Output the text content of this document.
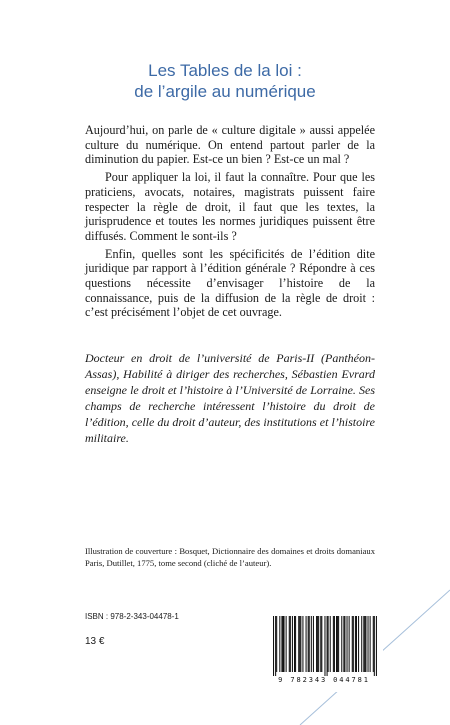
Les Tables de la loi :
de l’argile au numérique

Aujourd’hui, on parle de « culture digitale » aussi appelée culture du numérique. On entend partout parler de la diminution du papier. Est-ce un bien ? Est-ce un mal ?

Pour appliquer la loi, il faut la connaître. Pour que les praticiens, avocats, notaires, magistrats puissent faire respecter la règle de droit, il faut que les textes, la jurisprudence et toutes les normes juridiques puissent être diffusés. Comment le sont-ils ?

Enfin, quelles sont les spécificités de l’édition dite juridique par rapport à l’édition générale ? Répondre à ces questions nécessite d’envisager l’histoire de la connaissance, puis de la diffusion de la règle de droit : c’est précisément l’objet de cet ouvrage.

Docteur en droit de l’université de Paris-II (Panthéon-Assas), Habilité à diriger des recherches, Sébastien Evrard enseigne le droit et l’histoire à l’Université de Lorraine. Ses champs de recherche intéressent l’histoire du droit de l’édition, celle du droit d’auteur, des institutions et l’histoire militaire.
Illustration de couverture : Bosquet, Dictionnaire des domaines et droits domaniaux Paris, Dutillet, 1775, tome second (cliché de l’auteur).
ISBN : 978-2-343-04478-1
13 €
9 782343 044781
